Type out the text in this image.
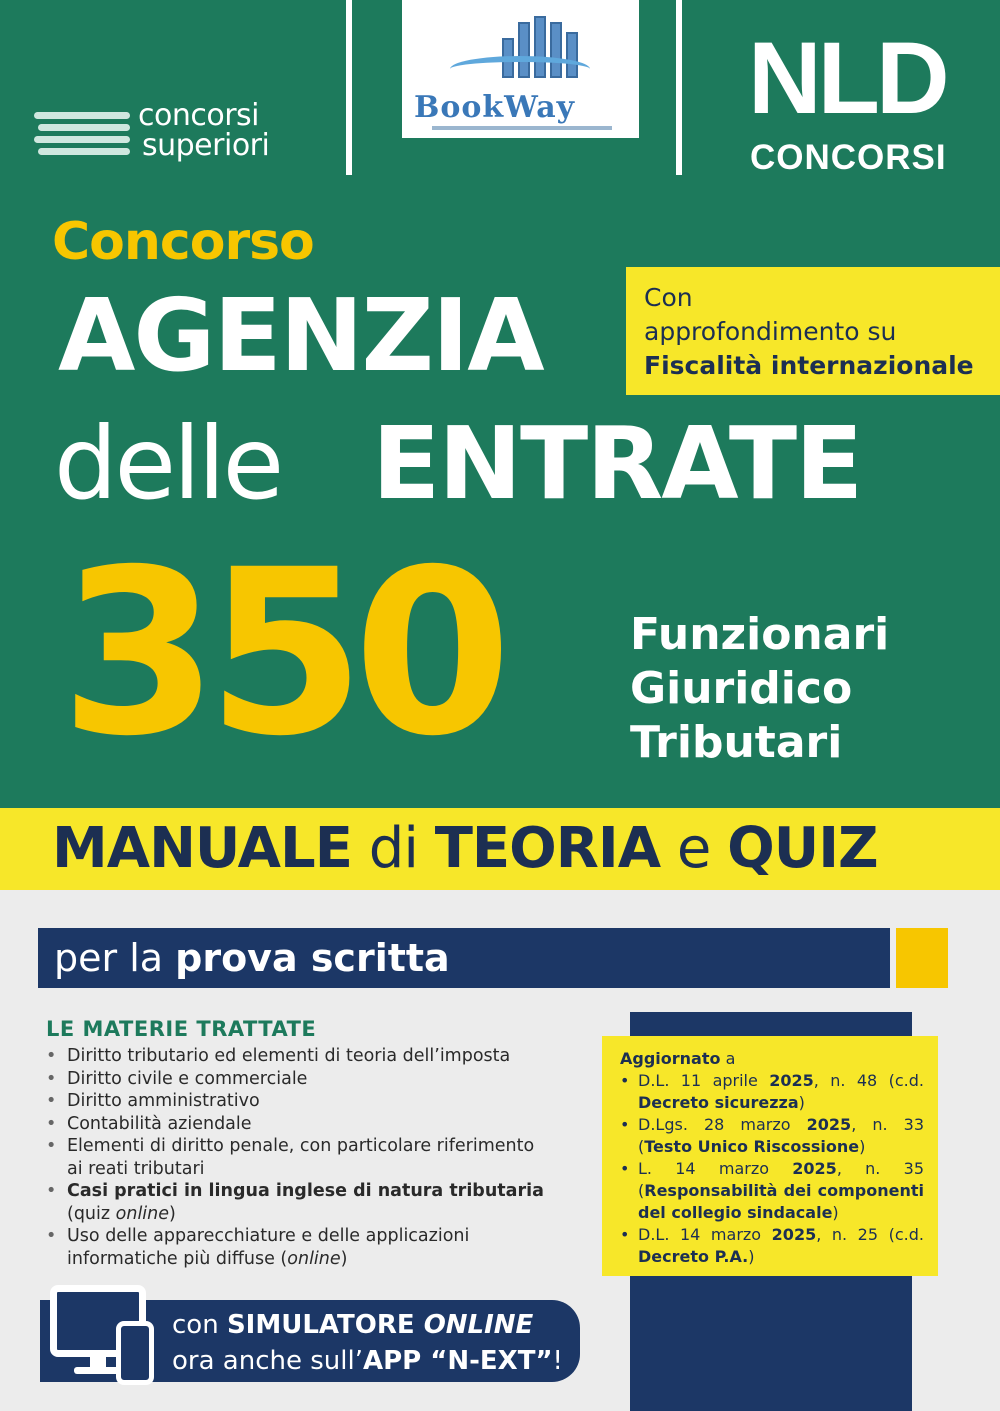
concorsi
superiori
BookWay NLD
CONCORSI
Concorso
AGENZIA
delle ENTRATE
Con
approfondimento su
Fiscalità internazionale
350	Funzionari
Giuridico
Tributari
MANUALE di TEORIA e QUIZ
per la prova scritta
LE MATERIE TRATTATE
• Diritto tributario ed elementi di teoria dell’imposta
• Diritto civile e commerciale
• Diritto amministrativo
• Contabilità aziendale
• Elementi di diritto penale, con particolare riferimento ai reati tributari
• Casi pratici in lingua inglese di natura tributaria
(quiz online)
• Uso delle apparecchiature e delle applicazioni informatiche più diffuse (online)
Aggiornato a
• D.L. 11 aprile 2025, n. 48 (c.d. Decreto sicurezza)
• D.Lgs. 28 marzo 2025, n. 33 (Testo Unico Riscossione)
• L. 14 marzo 2025, n. 35 (Responsabilità dei componenti del collegio sindacale)
• D.L. 14 marzo 2025, n. 25 (c.d. Decreto P.A.)
con SIMULATORE ONLINE
ora anche sull’APP “N-EXT”!
